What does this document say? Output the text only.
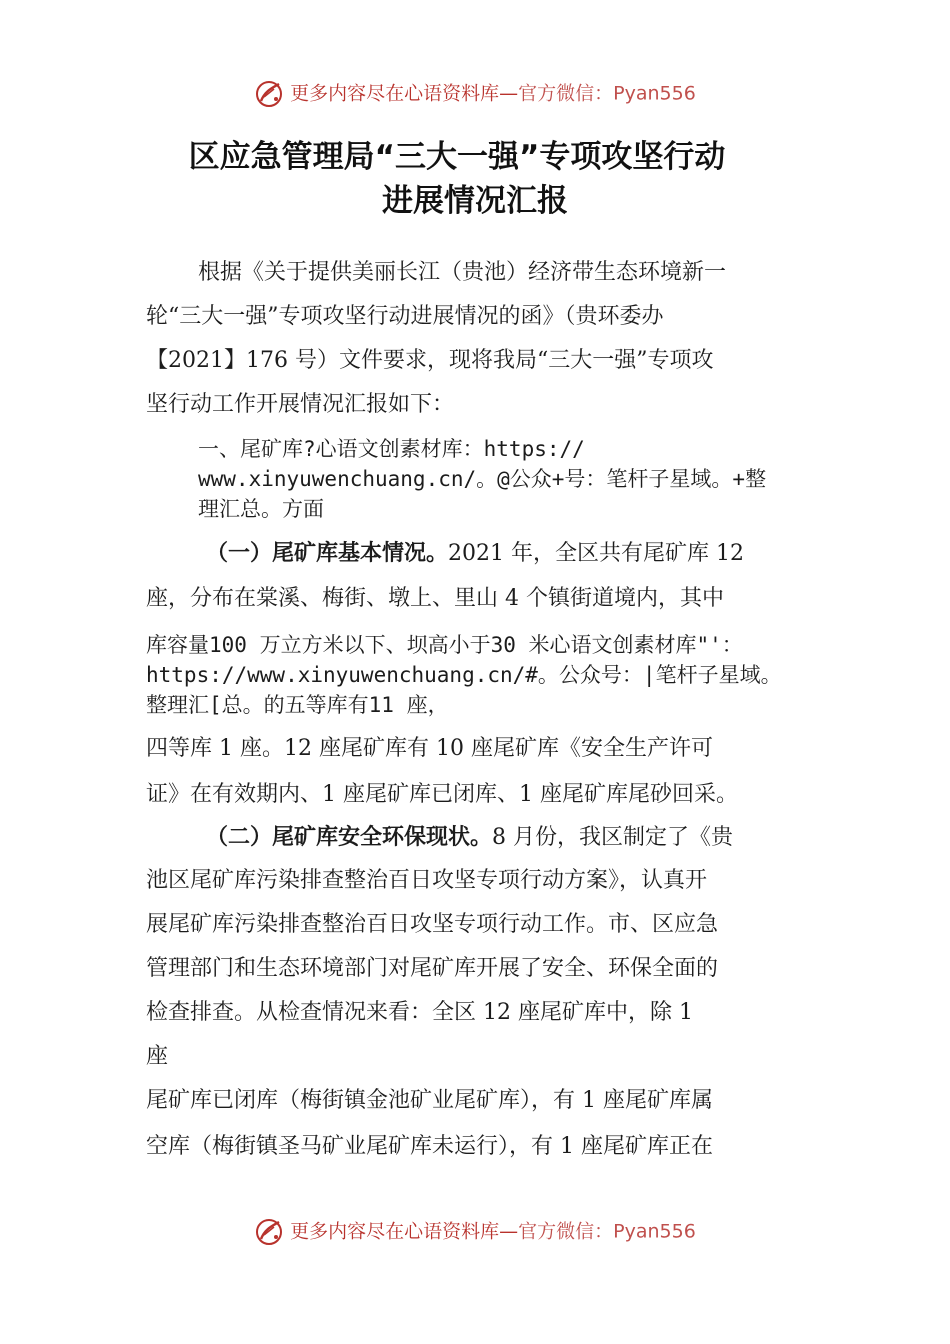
更多内容尽在心语资料库—官方微信：Pyan556
区应急管理局“三大一强”专项攻坚行动
进展情况汇报
根据《关于提供美丽长江（贵池）经济带生态环境新一
轮“三大一强”专项攻坚行动进展情况的函》（贵环委办
【2021】176 号）文件要求，现将我局“三大一强”专项攻
坚行动工作开展情况汇报如下：
一、尾矿库?心语文创素材库：https://
www.xinyuwenchuang.cn/。@公众+号：笔杆子星域。+整
理汇总。方面
（一）尾矿库基本情况。2021 年，全区共有尾矿库 12
座，分布在棠溪、梅街、墩上、里山 4 个镇街道境内，其中
库容量100 万立方米以下、坝高小于30 米心语文创素材库"'：
https://www.xinyuwenchuang.cn/#。公众号：|笔杆子星域。
整理汇[总。的五等库有11 座，
四等库 1 座。12 座尾矿库有 10 座尾矿库《安全生产许可
证》在有效期内、1 座尾矿库已闭库、1 座尾矿库尾砂回采。
（二）尾矿库安全环保现状。8 月份，我区制定了《贵
池区尾矿库污染排查整治百日攻坚专项行动方案》，认真开
展尾矿库污染排查整治百日攻坚专项行动工作。市、区应急
管理部门和生态环境部门对尾矿库开展了安全、环保全面的
检查排查。从检查情况来看：全区 12 座尾矿库中，除 1
座
尾矿库已闭库（梅街镇金池矿业尾矿库），有 1 座尾矿库属
空库（梅街镇圣马矿业尾矿库未运行），有 1 座尾矿库正在
更多内容尽在心语资料库—官方微信：Pyan556
